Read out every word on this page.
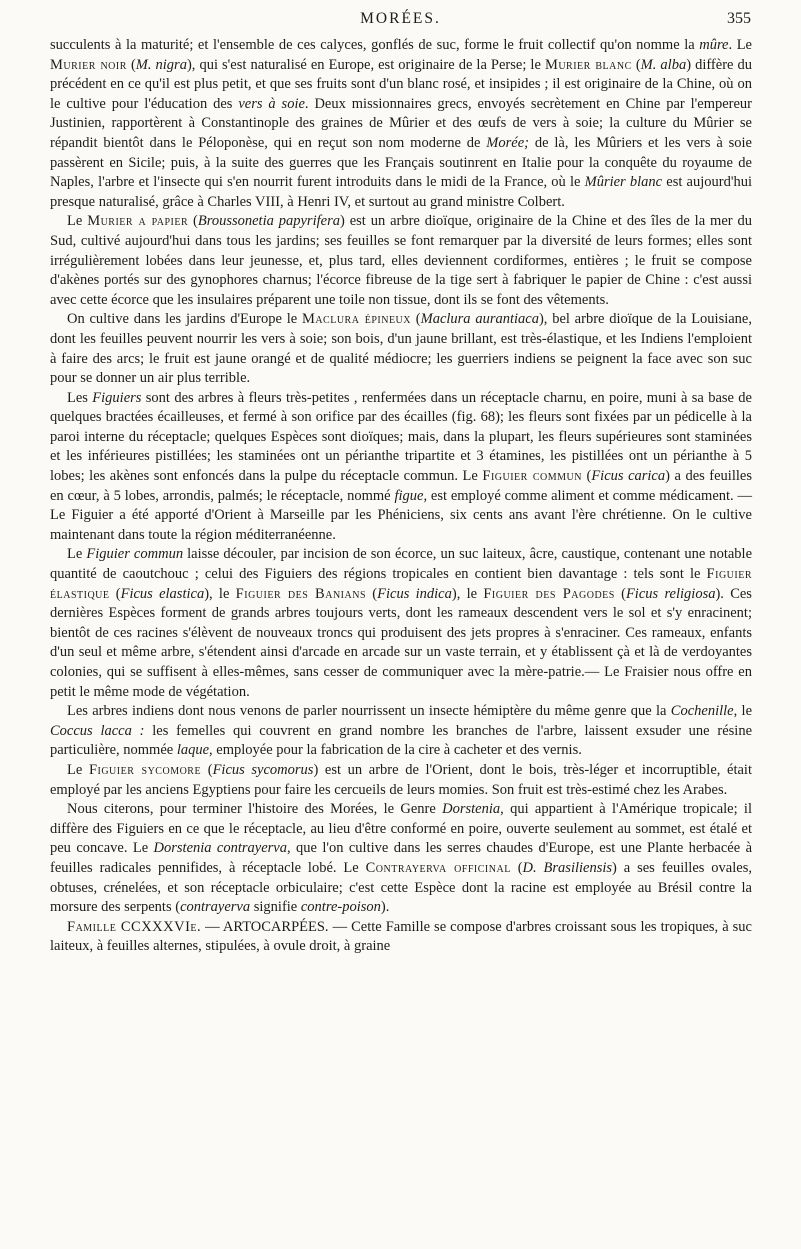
MORÉES.	355

succulents à la maturité; et l'ensemble de ces calyces, gonflés de suc, forme le fruit collectif qu'on nomme la mûre. Le Murier noir (M. nigra), qui s'est naturalisé en Europe, est originaire de la Perse; le Murier blanc (M. alba) diffère du précédent en ce qu'il est plus petit, et que ses fruits sont d'un blanc rosé, et insipides ; il est originaire de la Chine, où on le cultive pour l'éducation des vers à soie. Deux missionnaires grecs, envoyés secrètement en Chine par l'empereur Justinien, rapportèrent à Constantinople des graines de Mûrier et des œufs de vers à soie; la culture du Mûrier se répandit bientôt dans le Péloponèse, qui en reçut son nom moderne de Morée; de là, les Mûriers et les vers à soie passèrent en Sicile; puis, à la suite des guerres que les Français soutinrent en Italie pour la conquête du royaume de Naples, l'arbre et l'insecte qui s'en nourrit furent introduits dans le midi de la France, où le Mûrier blanc est aujourd'hui presque naturalisé, grâce à Charles VIII, à Henri IV, et surtout au grand ministre Colbert.

Le Murier a papier (Broussonetia papyrifera) est un arbre dioïque, originaire de la Chine et des îles de la mer du Sud, cultivé aujourd'hui dans tous les jardins; ses feuilles se font remarquer par la diversité de leurs formes; elles sont irrégulièrement lobées dans leur jeunesse, et, plus tard, elles deviennent cordiformes, entières ; le fruit se compose d'akènes portés sur des gynophores charnus; l'écorce fibreuse de la tige sert à fabriquer le papier de Chine : c'est aussi avec cette écorce que les insulaires préparent une toile non tissue, dont ils se font des vêtements.

On cultive dans les jardins d'Europe le Maclura épineux (Maclura aurantiaca), bel arbre dioïque de la Louisiane, dont les feuilles peuvent nourrir les vers à soie; son bois, d'un jaune brillant, est très-élastique, et les Indiens l'emploient à faire des arcs; le fruit est jaune orangé et de qualité médiocre; les guerriers indiens se peignent la face avec son suc pour se donner un air plus terrible.

Les Figuiers sont des arbres à fleurs très-petites , renfermées dans un réceptacle charnu, en poire, muni à sa base de quelques bractées écailleuses, et fermé à son orifice par des écailles (fig. 68); les fleurs sont fixées par un pédicelle à la paroi interne du réceptacle; quelques Espèces sont dioïques; mais, dans la plupart, les fleurs supérieures sont staminées et les inférieures pistillées; les staminées ont un périanthe tripartite et 3 étamines, les pistillées ont un périanthe à 5 lobes; les akènes sont enfoncés dans la pulpe du réceptacle commun. Le Figuier commun (Ficus carica) a des feuilles en cœur, à 5 lobes, arrondis, palmés; le réceptacle, nommé figue, est employé comme aliment et comme médicament. — Le Figuier a été apporté d'Orient à Marseille par les Phéniciens, six cents ans avant l'ère chrétienne. On le cultive maintenant dans toute la région méditerranéenne.

Le Figuier commun laisse découler, par incision de son écorce, un suc laiteux, âcre, caustique, contenant une notable quantité de caoutchouc ; celui des Figuiers des régions tropicales en contient bien davantage : tels sont le Figuier élastique (Ficus elastica), le Figuier des Banians (Ficus indica), le Figuier des Pagodes (Ficus religiosa). Ces dernières Espèces forment de grands arbres toujours verts, dont les rameaux descendent vers le sol et s'y enracinent; bientôt de ces racines s'élèvent de nouveaux troncs qui produisent des jets propres à s'enraciner. Ces rameaux, enfants d'un seul et même arbre, s'étendent ainsi d'arcade en arcade sur un vaste terrain, et y établissent çà et là de verdoyantes colonies, qui se suffisent à elles-mêmes, sans cesser de communiquer avec la mère-patrie.— Le Fraisier nous offre en petit le même mode de végétation.

Les arbres indiens dont nous venons de parler nourrissent un insecte hémiptère du même genre que la Cochenille, le Coccus lacca : les femelles qui couvrent en grand nombre les branches de l'arbre, laissent exsuder une résine particulière, nommée laque, employée pour la fabrication de la cire à cacheter et des vernis.

Le Figuier sycomore (Ficus sycomorus) est un arbre de l'Orient, dont le bois, très-léger et incorruptible, était employé par les anciens Egyptiens pour faire les cercueils de leurs momies. Son fruit est très-estimé chez les Arabes.

Nous citerons, pour terminer l'histoire des Morées, le Genre Dorstenia, qui appartient à l'Amérique tropicale; il diffère des Figuiers en ce que le réceptacle, au lieu d'être conformé en poire, ouverte seulement au sommet, est étalé et peu concave. Le Dorstenia contrayerva, que l'on cultive dans les serres chaudes d'Europe, est une Plante herbacée à feuilles radicales pennifides, à réceptacle lobé. Le Contrayerva officinal (D. Brasiliensis) a ses feuilles ovales, obtuses, crénelées, et son réceptacle orbiculaire; c'est cette Espèce dont la racine est employée au Brésil contre la morsure des serpents (contrayerva signifie contre-poison).

Famille CCXXXVIe. — ARTOCARPÉES. — Cette Famille se compose d'arbres croissant sous les tropiques, à suc laiteux, à feuilles alternes, stipulées, à ovule droit, à graine
